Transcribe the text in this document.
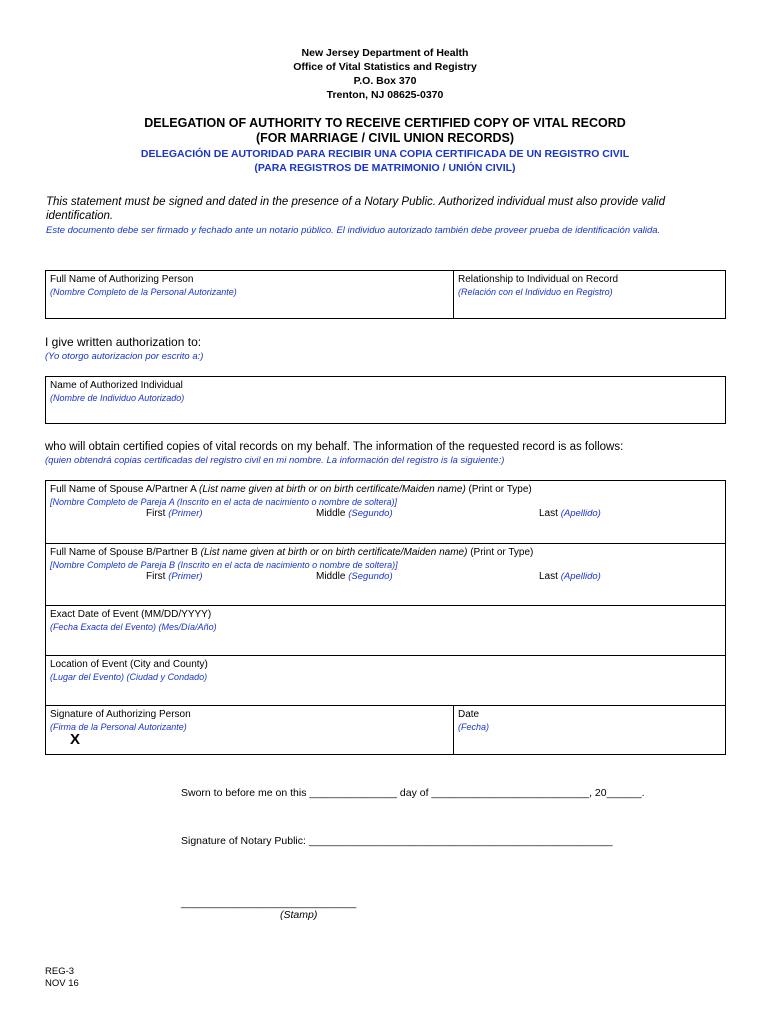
New Jersey Department of Health
Office of Vital Statistics and Registry
P.O. Box 370
Trenton, NJ 08625-0370
DELEGATION OF AUTHORITY TO RECEIVE CERTIFIED COPY OF VITAL RECORD
(FOR MARRIAGE / CIVIL UNION RECORDS)
DELEGACIÓN DE AUTORIDAD PARA RECIBIR UNA COPIA CERTIFICADA DE UN REGISTRO CIVIL
(PARA REGISTROS DE MATRIMONIO / UNIÓN CIVIL)
This statement must be signed and dated in the presence of a Notary Public. Authorized individual must also provide valid identification.
Este documento debe ser firmado y fechado ante un notario público. El individuo autorizado también debe proveer prueba de identificación valida.
Full Name of Authorizing Person
(Nombre Completo de la Personal Autorizante)
Relationship to Individual on Record
(Relación con el Individuo en Registro)
I give written authorization to:
(Yo otorgo autorizacion por escrito a:)
Name of Authorized Individual
(Nombre de Individuo Autorizado)
who will obtain certified copies of vital records on my behalf. The information of the requested record is as follows:
(quien obtendrá copias certificadas del registro civil en mi nombre. La información del registro is la siguiente:)
Full Name of Spouse A/Partner A (List name given at birth or on birth certificate/Maiden name) (Print or Type)
[Nombre Completo de Pareja A (Inscrito en el acta de nacimiento o nombre de soltera)]
First (Primer)	Middle (Segundo)	Last (Apellido)
Full Name of Spouse B/Partner B (List name given at birth or on birth certificate/Maiden name) (Print or Type)
[Nombre Completo de Pareja B (Inscrito en el acta de nacimiento o nombre de soltera)]
First (Primer)	Middle (Segundo)	Last (Apellido)
Exact Date of Event (MM/DD/YYYY)
(Fecha Exacta del Evento) (Mes/Día/Año)
Location of Event (City and County)
(Lugar del Evento) (Ciudad y Condado)
Signature of Authorizing Person
(Firma de la Personal Autorizante)
X
Date
(Fecha)
Sworn to before me on this _______________ day of ___________________________, 20______.
Signature of Notary Public: ____________________________________________________
______________________________
(Stamp)
REG-3
NOV 16
